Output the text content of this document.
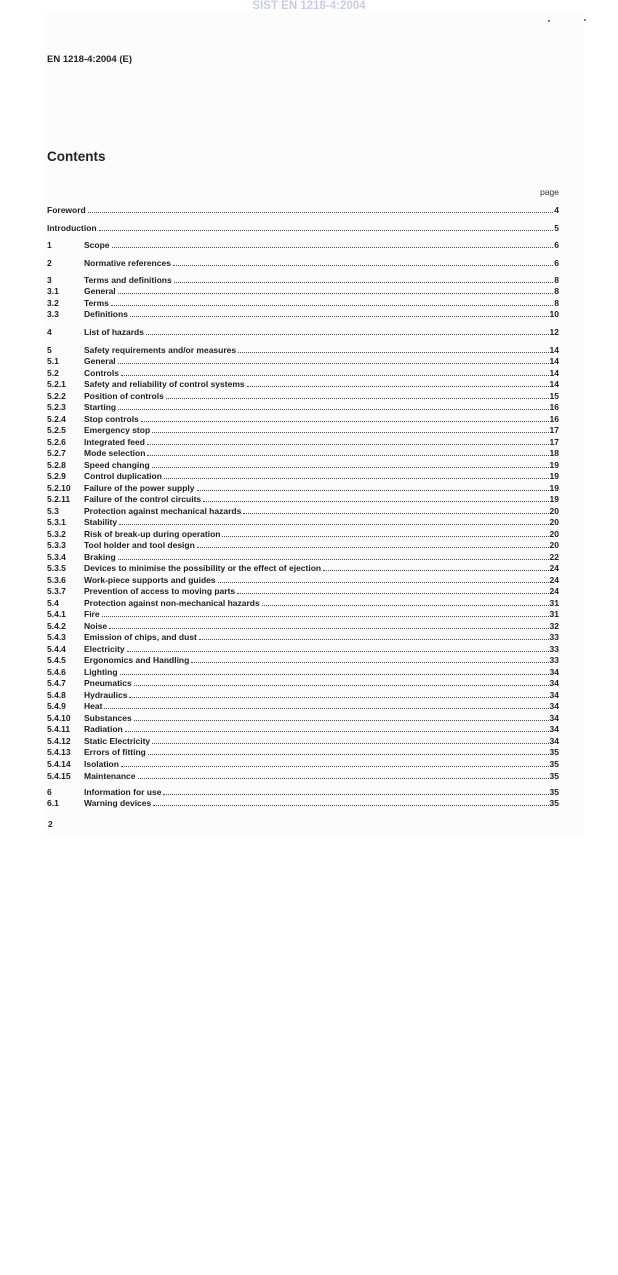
SIST EN 1218-4:2004
EN 1218-4:2004 (E)
Contents
page
Foreword	4
Introduction	5
1	Scope	6
2	Normative references	6
3	Terms and definitions	8
3.1	General	8
3.2	Terms	8
3.3	Definitions	10
4	List of hazards	12
5	Safety requirements and/or measures	14
5.1	General	14
5.2	Controls	14
5.2.1	Safety and reliability of control systems	14
5.2.2	Position of controls	15
5.2.3	Starting	16
5.2.4	Stop controls	16
5.2.5	Emergency stop	17
5.2.6	Integrated feed	17
5.2.7	Mode selection	18
5.2.8	Speed changing	19
5.2.9	Control duplication	19
5.2.10	Failure of the power supply	19
5.2.11	Failure of the control circuits	19
5.3	Protection against mechanical hazards	20
5.3.1	Stability	20
5.3.2	Risk of break-up during operation	20
5.3.3	Tool holder and tool design	20
5.3.4	Braking	22
5.3.5	Devices to minimise the possibility or the effect of ejection	24
5.3.6	Work-piece supports and guides	24
5.3.7	Prevention of access to moving parts	24
5.4	Protection against non-mechanical hazards	31
5.4.1	Fire	31
5.4.2	Noise	32
5.4.3	Emission of chips, and dust	33
5.4.4	Electricity	33
5.4.5	Ergonomics and Handling	33
5.4.6	Lighting	34
5.4.7	Pneumatics	34
5.4.8	Hydraulics	34
5.4.9	Heat	34
5.4.10	Substances	34
5.4.11	Radiation	34
5.4.12	Static Electricity	34
5.4.13	Errors of fitting	35
5.4.14	Isolation	35
5.4.15	Maintenance	35
6	Information for use	35
6.1	Warning devices	35
2
